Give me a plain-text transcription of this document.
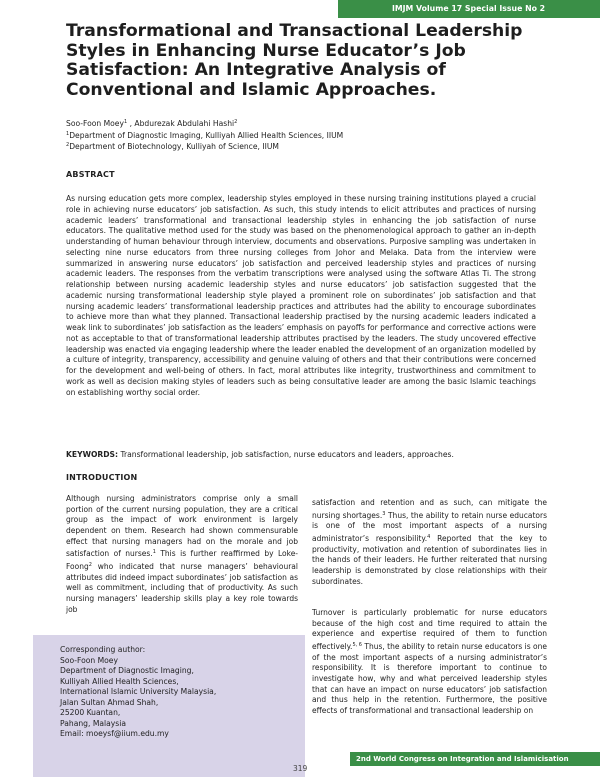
IMJM Volume 17 Special Issue No 2
Transformational and Transactional Leadership Styles in Enhancing Nurse Educator’s Job Satisfaction: An Integrative Analysis of Conventional and Islamic Approaches.
Soo-Foon Moey$^1$ , Abdurezak Abdulahi Hashi$^2$
$^1$Department of Diagnostic Imaging, Kulliyah Allied Health Sciences, IIUM
$^2$Department of Biotechnology, Kulliyah of Science, IIUM
ABSTRACT

As nursing education gets more complex, leadership styles employed in these nursing training institutions played a crucial role in achieving nurse educators’ job satisfaction. As such, this study intends to elicit attributes and practices of nursing academic leaders’ transformational and transactional leadership styles in enhancing the job satisfaction of nurse educators. The qualitative method used for the study was based on the phenomenological approach to gather an in-depth understanding of human behaviour through interview, documents and observations. Purposive sampling was undertaken in selecting nine nurse educators from three nursing colleges from Johor and Melaka. Data from the interview were summarized in answering nurse educators’ job satisfaction and perceived leadership styles and practices of nursing academic leaders. The responses from the verbatim transcriptions were analysed using the software Atlas Ti. The strong relationship between nursing academic leadership styles and nurse educators’ job satisfaction suggested that the academic nursing transformational leadership style played a prominent role on subordinates’ job satisfaction and that nursing academic leaders’ transformational leadership practices and attributes had the ability to encourage subordinates to achieve more than what they planned. Transactional leadership practised by the nursing academic leaders indicated a weak link to subordinates’ job satisfaction as the leaders’ emphasis on payoffs for performance and corrective actions were not as acceptable to that of transformational leadership attributes practised by the leaders. The study uncovered effective leadership was enacted via engaging leadership where the leader enabled the development of an organization modelled by a culture of integrity, transparency, accessibility and genuine valuing of others and that their contributions were concerned for the development and well-being of others. In fact, moral attributes like integrity, trustworthiness and commitment to work as well as decision making styles of leaders such as being consultative leader are among the basic Islamic teachings on establishing worthy social order.

KEYWORDS: Transformational leadership, job satisfaction, nurse educators and leaders, approaches.
INTRODUCTION

Although nursing administrators comprise only a small portion of the current nursing population, they are a critical group as the impact of work environment is largely dependent on them. Research had shown commensurable effect that nursing managers had on the morale and job satisfaction of nurses.$^1$ This is further reaffirmed by Loke-Foong$^2$ who indicated that nurse managers’ behavioural attributes did indeed impact subordinates’ job satisfaction as well as commitment, including that of productivity. As such nursing managers’ leadership skills play a key role towards job

satisfaction and retention and as such, can mitigate the nursing shortages.$^3$ Thus, the ability to retain nurse educators is one of the most important aspects of a nursing administrator’s responsibility.$^4$ Reported that the key to productivity, motivation and retention of subordinates lies in the hands of their leaders. He further reiterated that nursing leadership is demonstrated by close relationships with their subordinates.

Turnover is particularly problematic for nurse educators because of the high cost and time required to attain the experience and expertise required of them to function effectively.$^{5, 6}$ Thus, the ability to retain nurse educators is one of the most important aspects of a nursing administrator’s responsibility. It is therefore important to continue to investigate how, why and what perceived leadership styles that can have an impact on nurse educators’ job satisfaction and thus help in the retention. Furthermore, the positive effects of transformational and transactional leadership on

Corresponding author:
Soo-Foon Moey
Department of Diagnostic Imaging,
Kulliyah Allied Health Sciences,
International Islamic University Malaysia,
Jalan Sultan Ahmad Shah,
25200 Kuantan,
Pahang, Malaysia
Email: moeysf@iium.edu.my
2nd World Congress on Integration and Islamicisation
319
